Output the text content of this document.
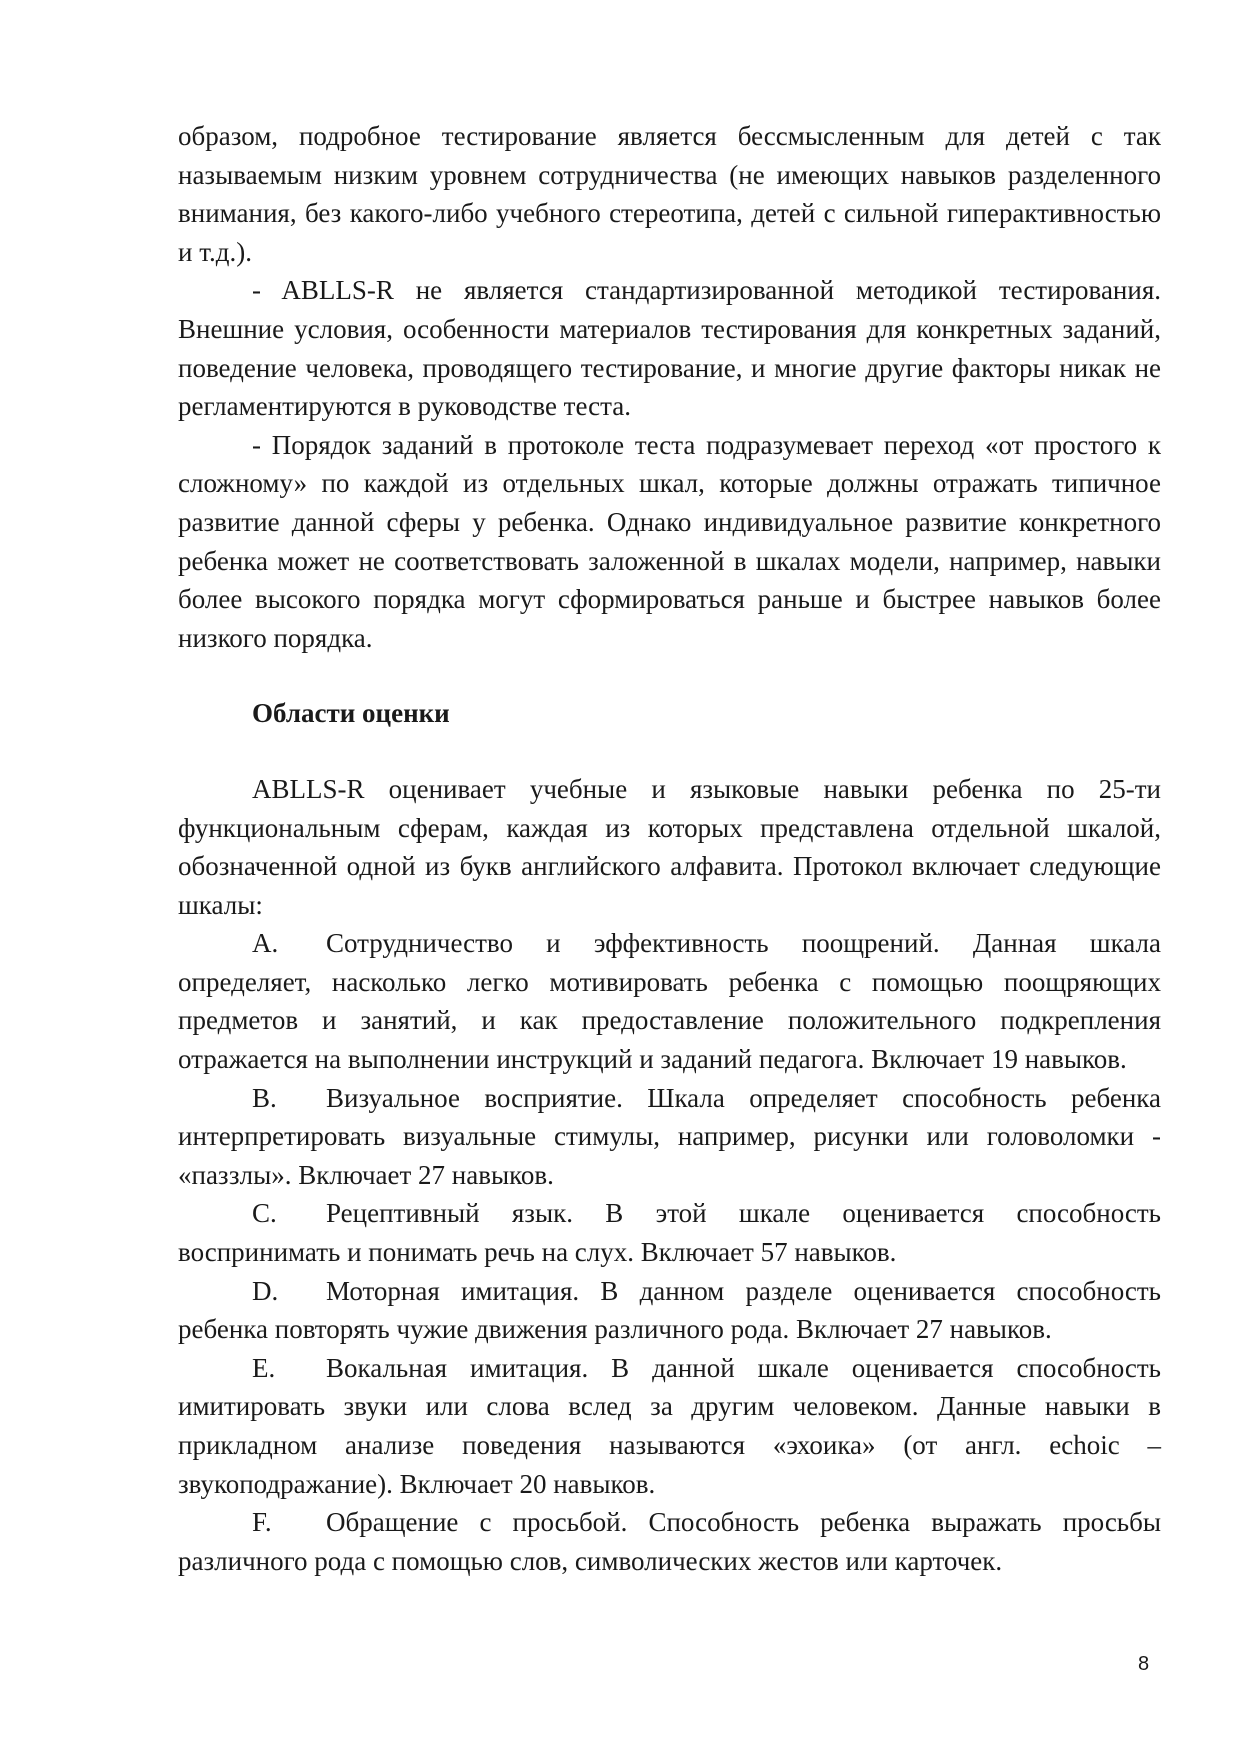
образом, подробное тестирование является бессмысленным для детей с так называемым низким уровнем сотрудничества (не имеющих навыков разделенного внимания, без какого-либо учебного стереотипа, детей с сильной гиперактивностью и т.д.).

- ABLLS-R не является стандартизированной методикой тестирования. Внешние условия, особенности материалов тестирования для конкретных заданий, поведение человека, проводящего тестирование, и многие другие факторы никак не регламентируются в руководстве теста.

- Порядок заданий в протоколе теста подразумевает переход «от простого к сложному» по каждой из отдельных шкал, которые должны отражать типичное развитие данной сферы у ребенка. Однако индивидуальное развитие конкретного ребенка может не соответствовать заложенной в шкалах модели, например, навыки более высокого порядка могут сформироваться раньше и быстрее навыков более низкого порядка.

Области оценки

ABLLS-R оценивает учебные и языковые навыки ребенка по 25-ти функциональным сферам, каждая из которых представлена отдельной шкалой, обозначенной одной из букв английского алфавита. Протокол включает следующие шкалы:

A. Сотрудничество и эффективность поощрений. Данная шкала определяет, насколько легко мотивировать ребенка с помощью поощряющих предметов и занятий, и как предоставление положительного подкрепления отражается на выполнении инструкций и заданий педагога. Включает 19 навыков.

B. Визуальное восприятие. Шкала определяет способность ребенка интерпретировать визуальные стимулы, например, рисунки или головоломки - «паззлы». Включает 27 навыков.

C. Рецептивный язык. В этой шкале оценивается способность воспринимать и понимать речь на слух. Включает 57 навыков.

D. Моторная имитация. В данном разделе оценивается способность ребенка повторять чужие движения различного рода. Включает 27 навыков.

E. Вокальная имитация. В данной шкале оценивается способность имитировать звуки или слова вслед за другим человеком. Данные навыки в прикладном анализе поведения называются «эхоика» (от англ. echoic – звукоподражание). Включает 20 навыков.

F. Обращение с просьбой. Способность ребенка выражать просьбы различного рода с помощью слов, символических жестов или карточек.

8
